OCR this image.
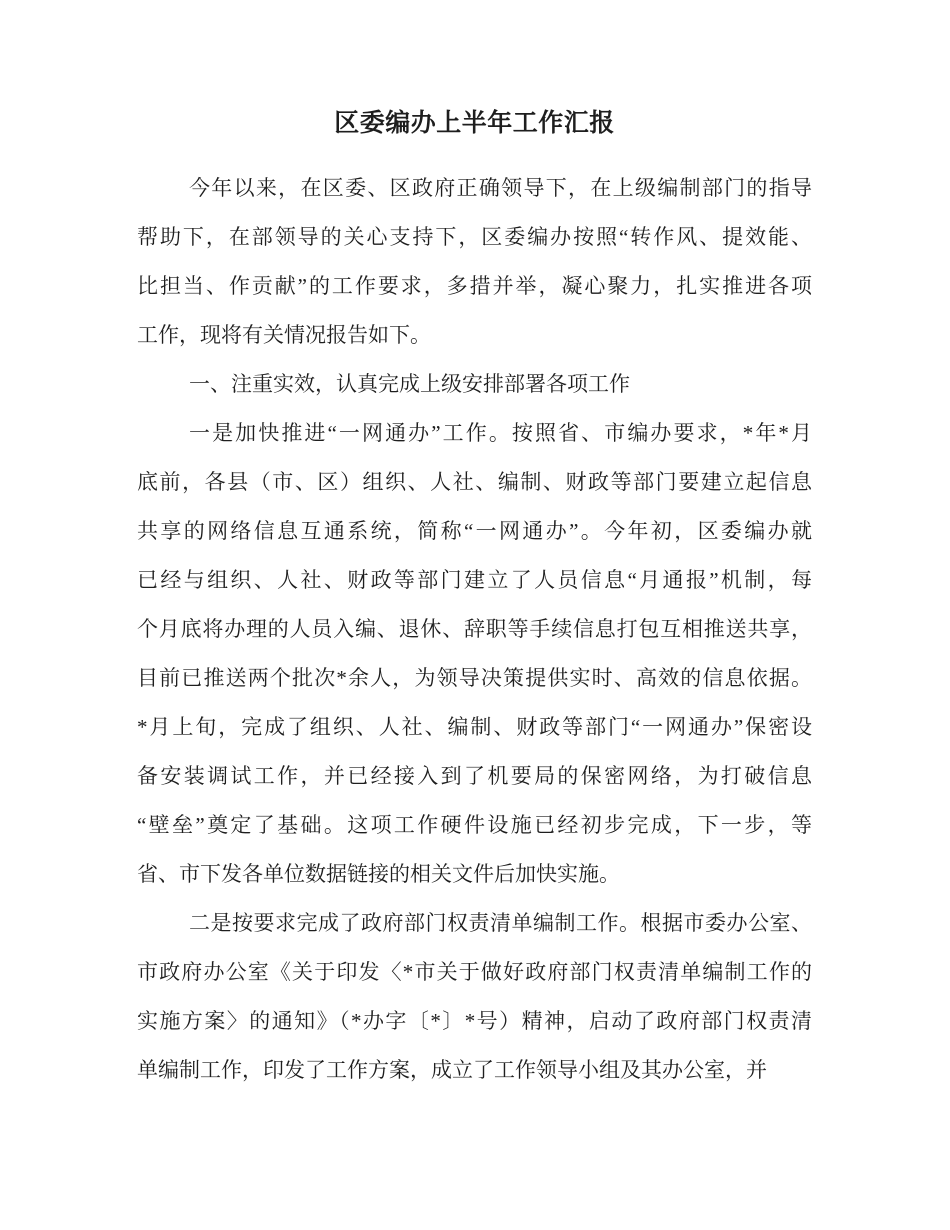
区委编办上半年工作汇报
今年以来，在区委、区政府正确领导下，在上级编制部门的指导
帮助下，在部领导的关心支持下，区委编办按照“转作风、提效能、
比担当、作贡献”的工作要求，多措并举，凝心聚力，扎实推进各项
工作，现将有关情况报告如下。
一、注重实效，认真完成上级安排部署各项工作
一是加快推进“一网通办”工作。按照省、市编办要求，*年*月
底前，各县（市、区）组织、人社、编制、财政等部门要建立起信息
共享的网络信息互通系统，简称“一网通办”。今年初，区委编办就
已经与组织、人社、财政等部门建立了人员信息“月通报”机制，每
个月底将办理的人员入编、退休、辞职等手续信息打包互相推送共享，
目前已推送两个批次*余人，为领导决策提供实时、高效的信息依据。
*月上旬，完成了组织、人社、编制、财政等部门“一网通办”保密设
备安装调试工作，并已经接入到了机要局的保密网络，为打破信息
“壁垒”奠定了基础。这项工作硬件设施已经初步完成，下一步，等
省、市下发各单位数据链接的相关文件后加快实施。
二是按要求完成了政府部门权责清单编制工作。根据市委办公室、
市政府办公室《关于印发〈*市关于做好政府部门权责清单编制工作的
实施方案〉的通知》（*办字〔*〕*号）精神，启动了政府部门权责清
单编制工作，印发了工作方案，成立了工作领导小组及其办公室，并
